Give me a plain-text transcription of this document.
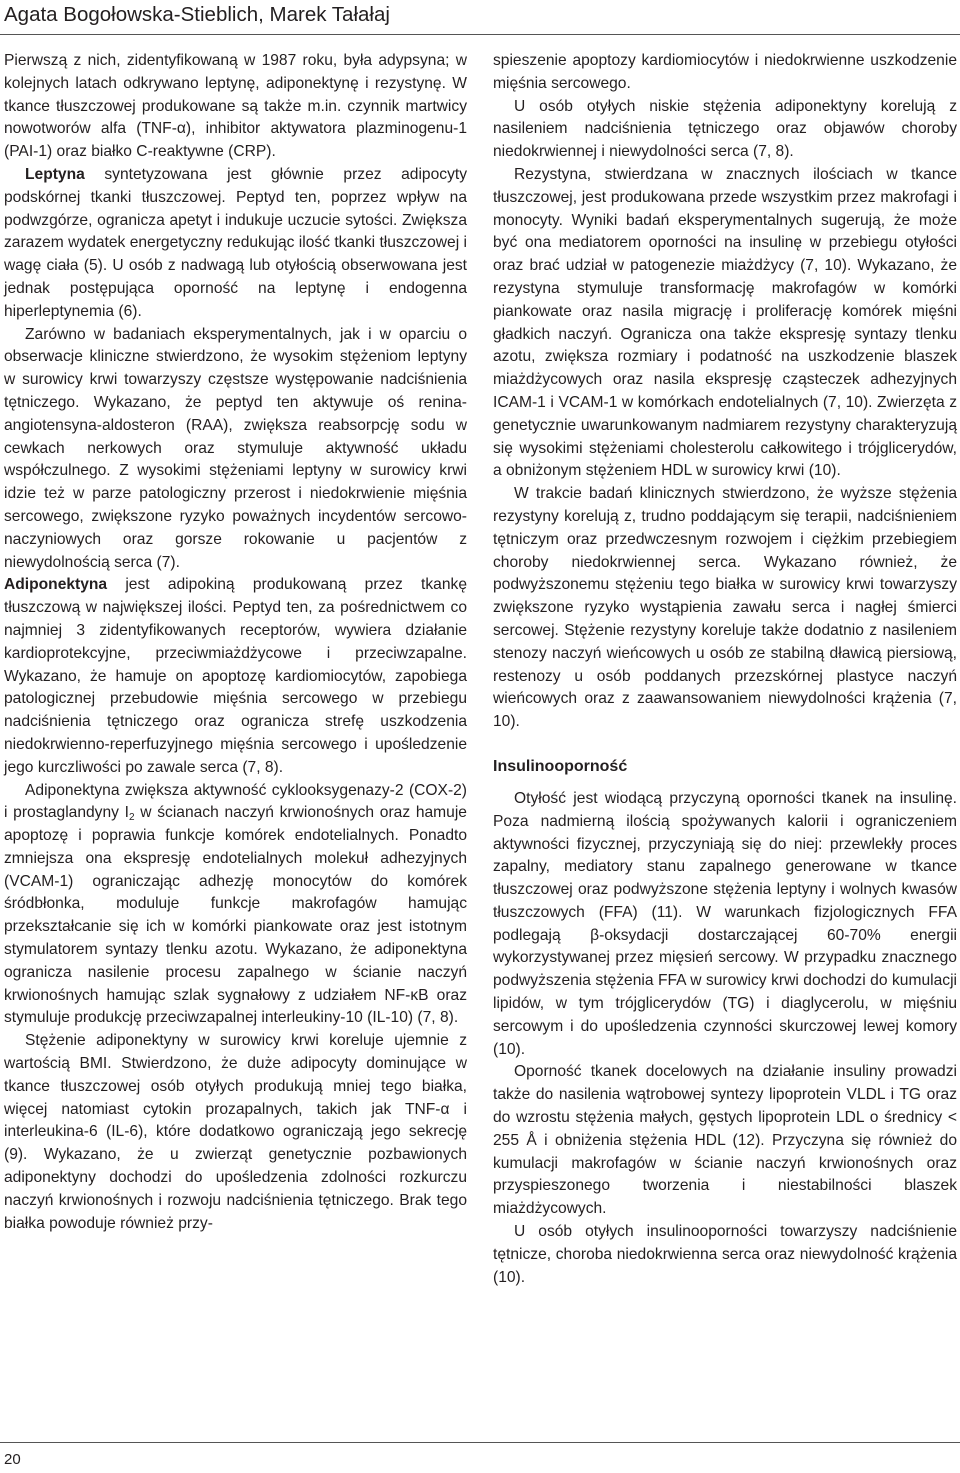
Agata Bogołowska-Stieblich, Marek Tałałaj

Pierwszą z nich, zidentyfikowaną w 1987 roku, była adypsyna; w kolejnych latach odkrywano leptynę, adiponektynę i rezystynę. W tkance tłuszczowej produkowane są także m.in. czynnik martwicy nowotworów alfa (TNF-α), inhibitor aktywatora plazminogenu-1 (PAI-1) oraz białko C-reaktywne (CRP).

Leptyna syntetyzowana jest głównie przez adipocyty podskórnej tkanki tłuszczowej. Peptyd ten, poprzez wpływ na podwzgórze, ogranicza apetyt i indukuje uczucie sytości. Zwiększa zarazem wydatek energetyczny redukując ilość tkanki tłuszczowej i wagę ciała (5). U osób z nadwagą lub otyłością obserwowana jest jednak postępująca oporność na leptynę i endogenna hiperleptynemia (6).

Zarówno w badaniach eksperymentalnych, jak i w oparciu o obserwacje kliniczne stwierdzono, że wysokim stężeniom leptyny w surowicy krwi towarzyszy częstsze występowanie nadciśnienia tętniczego. Wykazano, że peptyd ten aktywuje oś renina-angiotensyna-aldosteron (RAA), zwiększa reabsorpcję sodu w cewkach nerkowych oraz stymuluje aktywność układu współczulnego. Z wysokimi stężeniami leptyny w surowicy krwi idzie też w parze patologiczny przerost i niedokrwienie mięśnia sercowego, zwiększone ryzyko poważnych incydentów sercowo-naczyniowych oraz gorsze rokowanie u pacjentów z niewydolnością serca (7).

Adiponektyna jest adipokiną produkowaną przez tkankę tłuszczową w największej ilości. Peptyd ten, za pośrednictwem co najmniej 3 zidentyfikowanych receptorów, wywiera działanie kardioprotekcyjne, przeciwmiażdżycowe i przeciwzapalne. Wykazano, że hamuje on apoptozę kardiomiocytów, zapobiega patologicznej przebudowie mięśnia sercowego w przebiegu nadciśnienia tętniczego oraz ogranicza strefę uszkodzenia niedokrwienno-reperfuzyjnego mięśnia sercowego i upośledzenie jego kurczliwości po zawale serca (7, 8).

Adiponektyna zwiększa aktywność cyklooksygenazy-2 (COX-2) i prostaglandyny $I_2$ w ścianach naczyń krwionośnych oraz hamuje apoptozę i poprawia funkcje komórek endotelialnych. Ponadto zmniejsza ona ekspresję endotelialnych molekuł adhezyjnych (VCAM-1) ograniczając adhezję monocytów do komórek śródbłonka, moduluje funkcje makrofagów hamując przekształcanie się ich w komórki piankowate oraz jest istotnym stymulatorem syntazy tlenku azotu. Wykazano, że adiponektyna ogranicza nasilenie procesu zapalnego w ścianie naczyń krwionośnych hamując szlak sygnałowy z udziałem NF-κB oraz stymuluje produkcję przeciwzapalnej interleukiny-10 (IL-10) (7, 8).

Stężenie adiponektyny w surowicy krwi koreluje ujemnie z wartością BMI. Stwierdzono, że duże adipocyty dominujące w tkance tłuszczowej osób otyłych produkują mniej tego białka, więcej natomiast cytokin prozapalnych, takich jak TNF-α i interleukina-6 (IL-6), które dodatkowo ograniczają jego sekrecję (9). Wykazano, że u zwierząt genetycznie pozbawionych adiponektyny dochodzi do upośledzenia zdolności rozkurczu naczyń krwionośnych i rozwoju nadciśnienia tętniczego. Brak tego białka powoduje również przy-

spieszenie apoptozy kardiomiocytów i niedokrwienne uszkodzenie mięśnia sercowego.

U osób otyłych niskie stężenia adiponektyny korelują z nasileniem nadciśnienia tętniczego oraz objawów choroby niedokrwiennej i niewydolności serca (7, 8).

Rezystyna, stwierdzana w znacznych ilościach w tkance tłuszczowej, jest produkowana przede wszystkim przez makrofagi i monocyty. Wyniki badań eksperymentalnych sugerują, że może być ona mediatorem oporności na insulinę w przebiegu otyłości oraz brać udział w patogenezie miażdżycy (7, 10). Wykazano, że rezystyna stymuluje transformację makrofagów w komórki piankowate oraz nasila migrację i proliferację komórek mięśni gładkich naczyń. Ogranicza ona także ekspresję syntazy tlenku azotu, zwiększa rozmiary i podatność na uszkodzenie blaszek miażdżycowych oraz nasila ekspresję cząsteczek adhezyjnych ICAM-1 i VCAM-1 w komórkach endotelialnych (7, 10). Zwierzęta z genetycznie uwarunkowanym nadmiarem rezystyny charakteryzują się wysokimi stężeniami cholesterolu całkowitego i trójglicerydów, a obniżonym stężeniem HDL w surowicy krwi (10).

W trakcie badań klinicznych stwierdzono, że wyższe stężenia rezystyny korelują z, trudno poddającym się terapii, nadciśnieniem tętniczym oraz przedwczesnym rozwojem i ciężkim przebiegiem choroby niedokrwiennej serca. Wykazano również, że podwyższonemu stężeniu tego białka w surowicy krwi towarzyszy zwiększone ryzyko wystąpienia zawału serca i nagłej śmierci sercowej. Stężenie rezystyny koreluje także dodatnio z nasileniem stenozy naczyń wieńcowych u osób ze stabilną dławicą piersiową, restenozy u osób poddanych przezskórnej plastyce naczyń wieńcowych oraz z zaawansowaniem niewydolności krążenia (7, 10).

Insulinooporność

Otyłość jest wiodącą przyczyną oporności tkanek na insulinę. Poza nadmierną ilością spożywanych kalorii i ograniczeniem aktywności fizycznej, przyczyniają się do niej: przewlekły proces zapalny, mediatory stanu zapalnego generowane w tkance tłuszczowej oraz podwyższone stężenia leptyny i wolnych kwasów tłuszczowych (FFA) (11). W warunkach fizjologicznych FFA podlegają β-oksydacji dostarczającej 60-70% energii wykorzystywanej przez mięsień sercowy. W przypadku znacznego podwyższenia stężenia FFA w surowicy krwi dochodzi do kumulacji lipidów, w tym trójglicerydów (TG) i diaglycerolu, w mięśniu sercowym i do upośledzenia czynności skurczowej lewej komory (10).

Oporność tkanek docelowych na działanie insuliny prowadzi także do nasilenia wątrobowej syntezy lipoprotein VLDL i TG oraz do wzrostu stężenia małych, gęstych lipoprotein LDL o średnicy < 255 Å i obniżenia stężenia HDL (12). Przyczyna się również do kumulacji makrofagów w ścianie naczyń krwionośnych oraz przyspieszonego tworzenia i niestabilności blaszek miażdżycowych.

U osób otyłych insulinooporności towarzyszy nadciśnienie tętnicze, choroba niedokrwienna serca oraz niewydolność krążenia (10).

20
